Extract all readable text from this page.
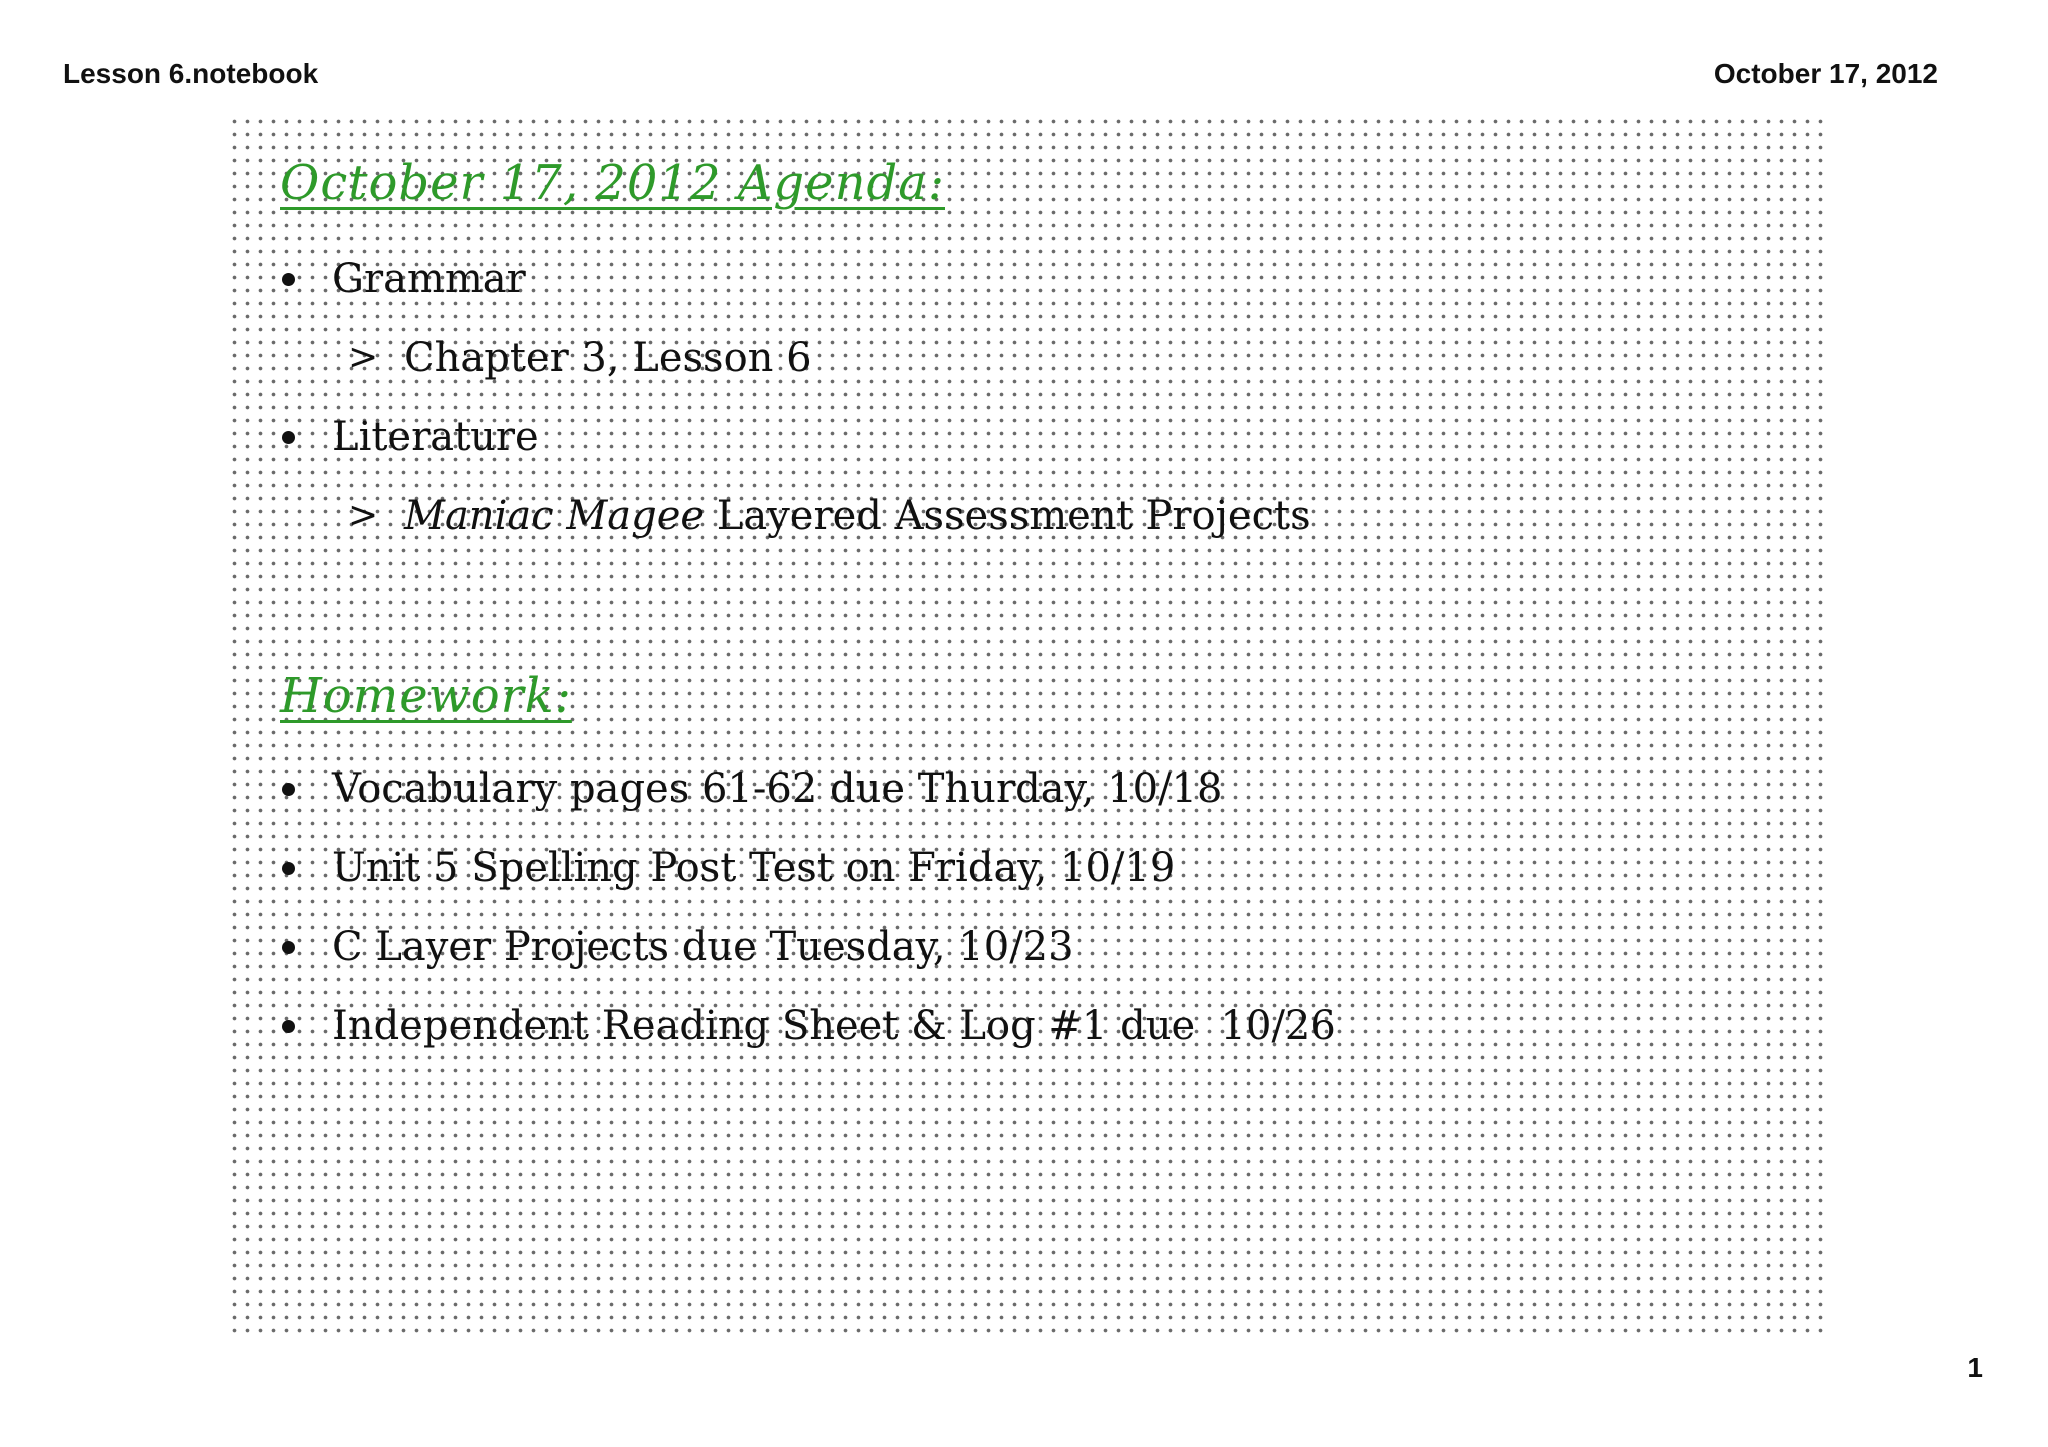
Lesson 6.notebook	October 17, 2012
October 17, 2012 Agenda:
Grammar
> Chapter 3, Lesson 6
Literature
> Maniac Magee Layered Assessment Projects
Homework:
Vocabulary pages 61-62 due Thurday, 10/18
Unit 5 Spelling Post Test on Friday, 10/19
C Layer Projects due Tuesday, 10/23
Independent Reading Sheet & Log #1 due  10/26
1
